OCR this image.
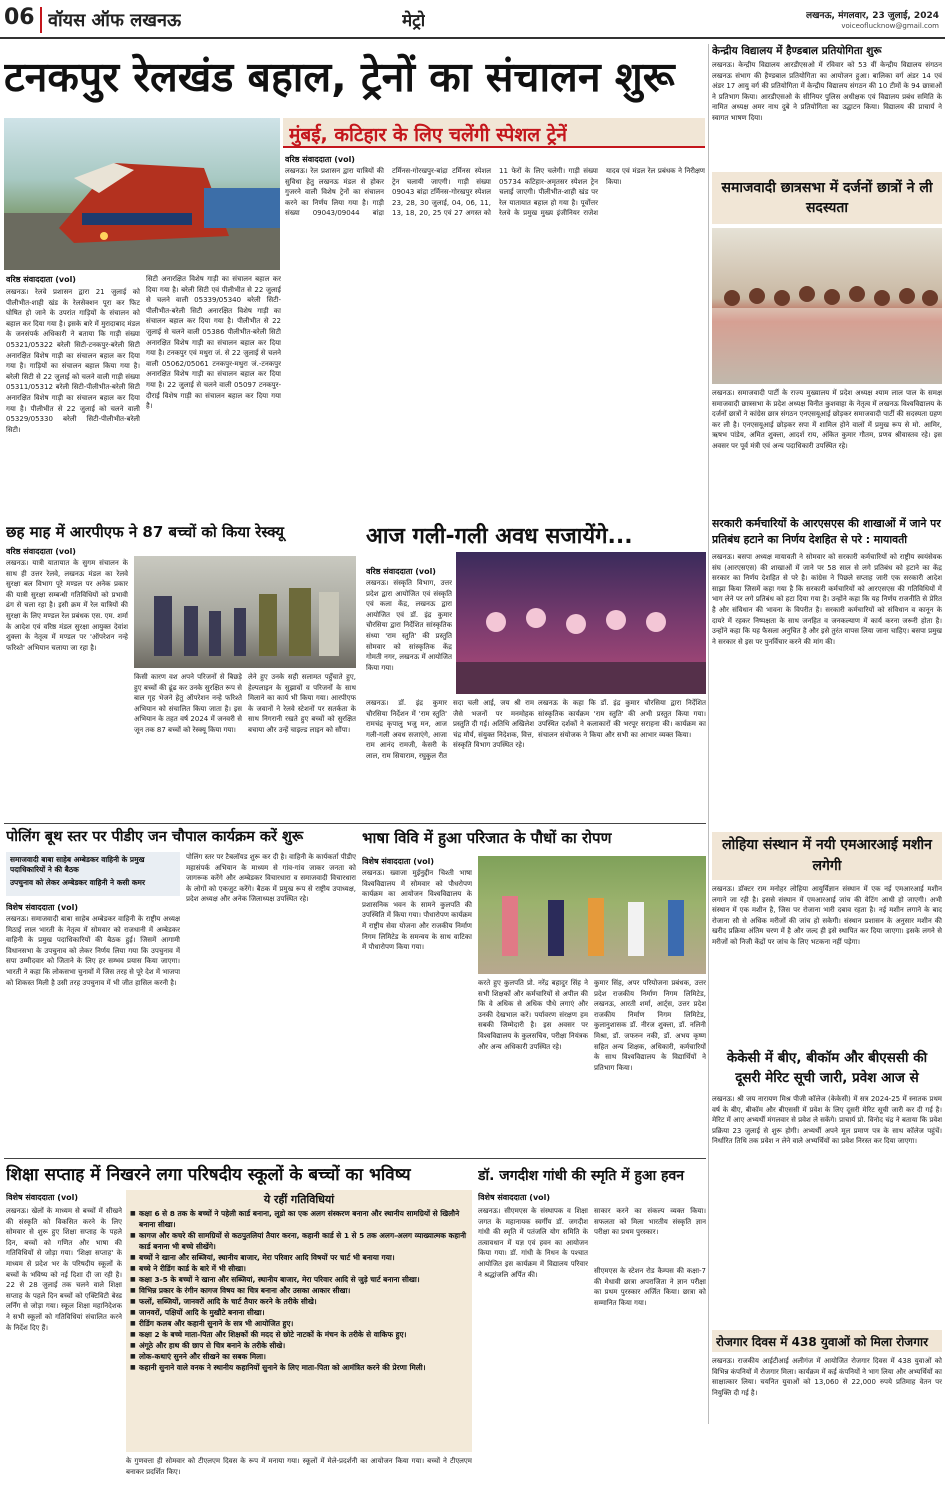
06 वॉयस ऑफ लखनऊ	मेट्रो	लखनऊ, मंगलवार, 23 जुलाई, 2024
voiceoflucknow@gmail.com
टनकपुर रेलखंड बहाल, ट्रेनों का संचालन शुरू
मुंबई, कटिहार के लिए चलेंगी स्पेशल ट्रेनें
वरिष्ठ संवाददाता (vol)
लखनऊ। रेल प्रशासन द्वारा यात्रियों की सुविधा हेतु लखनऊ मंडल से होकर गुजरने वाली विशेष ट्रेनों का संचालन करने का निर्णय लिया गया है। गाड़ी संख्या 09043/09044 बांद्रा टर्मिनस-गोरखपुर-बांद्रा टर्मिनस स्पेशल ट्रेन चलायी जाएगी। गाड़ी संख्या 09043 बांद्रा टर्मिनस-गोरखपुर स्पेशल 23, 28, 30 जुलाई, 04, 06, 11, 13, 18, 20, 25 एवं 27 अगस्त को 11 फेरों के लिए चलेगी। गाड़ी संख्या 05734 कटिहार-अमृतसर स्पेशल ट्रेन चलाई जाएगी। पीलीभीत-शाही खंड पर रेल यातायात बहाल हो गया है। पूर्वोत्तर रेलवे के प्रमुख मुख्य इंजीनियर राजेश यादव एवं मंडल रेल प्रबंधक ने निरीक्षण किया।
वरिष्ठ संवाददाता (vol)
लखनऊ। रेलवे प्रशासन द्वारा 21 जुलाई को पीलीभीत-शाही खंड के रेलसेक्शन पूरा कर फिट घोषित हो जाने के उपरांत गाड़ियों के संचालन को बहाल कर दिया गया है। इसके बारे में मुरादाबाद मंडल के जनसंपर्क अधिकारी ने बताया कि गाड़ी संख्या 05321/05322 बरेली सिटी-टनकपुर-बरेली सिटी अनारक्षित विशेष गाड़ी का संचालन बहाल कर दिया गया है। गाड़ियों का संचालन बहाल किया गया है। बरेली सिटी से 22 जुलाई को चलने वाली गाड़ी संख्या 05311/05312 बरेली सिटी-पीलीभीत-बरेली सिटी अनारक्षित विशेष गाड़ी का संचालन बहाल कर दिया गया है। पीलीभीत से 22 जुलाई को चलने वाली 05329/05330 बरेली सिटी-पीलीभीत-बरेली सिटी।
सिटी अनारक्षित विशेष गाड़ी का संचालन बहाल कर दिया गया है। बरेली सिटी एवं पीलीभीत से 22 जुलाई से चलने वाली 05339/05340 बरेली सिटी-पीलीभीत-बरेली सिटी अनारक्षित विशेष गाड़ी का संचालन बहाल कर दिया गया है। पीलीभीत से 22 जुलाई से चलने वाली 05386 पीलीभीत-बरेली सिटी अनारक्षित विशेष गाड़ी का संचालन बहाल कर दिया गया है। टनकपुर एवं मथुरा जं. से 22 जुलाई से चलने वाली 05062/05061 टनकपुर-मथुरा जं.-टनकपुर अनारक्षित विशेष गाड़ी का संचालन बहाल कर दिया गया है। 22 जुलाई से चलने वाली 05097 टनकपुर-दौराई विशेष गाड़ी का संचालन बहाल कर दिया गया है।
केन्द्रीय विद्यालय में हैण्डबाल प्रतियोगिता शुरू
लखनऊ। केन्द्रीय विद्यालय आरडीएसओ में रविवार को 53 वीं केन्द्रीय विद्यालय संगठन लखनऊ संभाग की हैण्डबाल प्रतियोगिता का आयोजन हुआ। बालिका वर्ग अंडर 14 एवं अंडर 17 आयु वर्ग की प्रतियोगिता में केन्द्रीय विद्यालय संगठन की 10 टीमों के 94 छात्राओं ने प्रतिभाग किया। आरडीएसओ के सीनियर पुलिस अधीक्षक एवं विद्यालय प्रबंध समिति के नामित अध्यक्ष अमर नाथ दुबे ने प्रतियोगिता का उद्घाटन किया। विद्यालय की प्राचार्य ने स्वागत भाषण दिया।
समाजवादी छात्रसभा में दर्जनों छात्रों ने ली सदस्यता
लखनऊ। समाजवादी पार्टी के राज्य मुख्यालय में प्रदेश अध्यक्ष श्याम लाल पाल के समक्ष समाजवादी छात्रसभा के प्रदेश अध्यक्ष विनीत कुशवाहा के नेतृत्व में लखनऊ विश्वविद्यालय के दर्जनों छात्रों ने कांग्रेस छात्र संगठन एनएसयूआई छोड़कर समाजवादी पार्टी की सदस्यता ग्रहण कर ली है। एनएसयूआई छोड़कर सपा में शामिल होने वालों में प्रमुख रूप से मो. आमिर, ऋषभ पांडेय, अमित शुक्ला, आदर्श राय, अंकित कुमार गौतम, प्रणव श्रीवास्तव रहे। इस अवसर पर पूर्व मंत्री एवं अन्य पदाधिकारी उपस्थित रहे।
सरकारी कर्मचारियों के आरएसएस की शाखाओं में जाने पर प्रतिबंध हटाने का निर्णय देशहित से परे : मायावती
लखनऊ। बसपा अध्यक्ष मायावती ने सोमवार को सरकारी कर्मचारियों को राष्ट्रीय स्वयंसेवक संघ (आरएसएस) की शाखाओं में जाने पर 58 साल से लगे प्रतिबंध को हटाने का केंद्र सरकार का निर्णय देशहित से परे है। कांग्रेस ने पिछले सप्ताह जारी एक सरकारी आदेश साझा किया जिसमें कहा गया है कि सरकारी कर्मचारियों को आरएसएस की गतिविधियों में भाग लेने पर लगे प्रतिबंध को हटा दिया गया है। उन्होंने कहा कि यह निर्णय राजनीति से प्रेरित है और संविधान की भावना के विपरीत है। सरकारी कर्मचारियों को संविधान व कानून के दायरे में रहकर निष्पक्षता के साथ जनहित व जनकल्याण में कार्य करना जरूरी होता है। उन्होंने कहा कि यह फैसला अनुचित है और इसे तुरंत वापस लिया जाना चाहिए। बसपा प्रमुख ने सरकार से इस पर पुनर्विचार करने की मांग की।
लोहिया संस्थान में नयी एमआरआई मशीन लगेगी
लखनऊ। डॉक्टर राम मनोहर लोहिया आयुर्विज्ञान संस्थान में एक नई एमआरआई मशीन लगाने जा रही है। इससे संस्थान में एमआरआई जांच की वेटिंग आधी हो जाएगी। अभी संस्थान में एक मशीन है, जिस पर रोजाना भारी दबाव रहता है। नई मशीन लगाने के बाद रोजाना सौ से अधिक मरीजों की जांच हो सकेगी। संस्थान प्रशासन के अनुसार मशीन की खरीद प्रक्रिया अंतिम चरण में है और जल्द ही इसे स्थापित कर दिया जाएगा। इसके लगने से मरीजों को निजी केंद्रों पर जांच के लिए भटकना नहीं पड़ेगा।
केकेसी में बीए, बीकॉम और बीएससी की दूसरी मेरिट सूची जारी, प्रवेश आज से
लखनऊ। श्री जय नारायण मिश्र पीजी कॉलेज (केकेसी) में सत्र 2024-25 में स्नातक प्रथम वर्ष के बीए, बीकॉम और बीएससी में प्रवेश के लिए दूसरी मेरिट सूची जारी कर दी गई है। मेरिट में आए अभ्यर्थी मंगलवार से प्रवेश ले सकेंगे। प्राचार्य प्रो. विनोद चंद्र ने बताया कि प्रवेश प्रक्रिया 23 जुलाई से शुरू होगी। अभ्यर्थी अपने मूल प्रमाण पत्र के साथ कॉलेज पहुंचें। निर्धारित तिथि तक प्रवेश न लेने वाले अभ्यर्थियों का प्रवेश निरस्त कर दिया जाएगा।
रोजगार दिवस में 438 युवाओं को मिला रोजगार
लखनऊ। राजकीय आईटीआई अलीगंज में आयोजित रोजगार दिवस में 438 युवाओं को विभिन्न कंपनियों में रोजगार मिला। कार्यक्रम में कई कंपनियों ने भाग लिया और अभ्यर्थियों का साक्षात्कार लिया। चयनित युवाओं को 13,060 से 22,000 रुपये प्रतिमाह वेतन पर नियुक्ति दी गई है।
छह माह में आरपीएफ ने 87 बच्चों को किया रेस्क्यू
वरिष्ठ संवाददाता (vol)
लखनऊ। यात्री यातायात के सुगम संचालन के साथ ही उत्तर रेलवे, लखनऊ मंडल का रेलवे सुरक्षा बल विभाग पूरे मण्डल पर अनेक प्रकार की यात्री सुरक्षा सम्बन्धी गतिविधियों को प्रभावी ढंग से चला रहा है। इसी क्रम में रेल यात्रियों की सुरक्षा के लिए मण्डल रेल प्रबंधक एस. एम. शर्मा के आदेश एवं वरिष्ठ मंडल सुरक्षा आयुक्त देवांश शुक्ला के नेतृत्व में मण्डल पर 'ऑपरेशन नन्हे फरिश्ते' अभियान चलाया जा रहा है।
किसी कारण वश अपने परिजनों से बिछड़े हुए बच्चों की ढूंढ कर उनके सुरक्षित रूप से बाल गृह भेजने हेतु ऑपरेशन नन्हे फरिश्ते अभियान को संचालित किया जाता है। इस अभियान के तहत वर्ष 2024 में जनवरी से जून तक 87 बच्चों को रेस्क्यू किया गया।
लेने हुए उनके सही सलामत पहुँचाते हुए, हेल्पलाइन के सुझावों व परिजनों के साथ मिलाने का कार्य भी किया गया। आरपीएफ के जवानों ने रेलवे स्टेशनों पर सतर्कता के साथ निगरानी रखते हुए बच्चों को सुरक्षित बचाया और उन्हें चाइल्ड लाइन को सौंपा।
आज गली-गली अवध सजायेंगे...
वरिष्ठ संवाददाता (vol)
लखनऊ। संस्कृति विभाग, उत्तर प्रदेश द्वारा आयोजित एवं संस्कृति एवं कला केंद्र, लखनऊ द्वारा आयोजित एवं डॉ. इंद्र कुमार चौरसिया द्वारा निर्देशित सांस्कृतिक संध्या 'राम स्तुति' की प्रस्तुति सोमवार को सांस्कृतिक केंद्र गोमती नगर, लखनऊ में आयोजित किया गया।
लखनऊ। डॉ. इंद्र कुमार चौरसिया निर्देशन में 'राम स्तुति' रामचंद्र कृपालु भजु मन, आज गली-गली अवध सजाएंगे, आजा राम आनंद रामजी, केसरी के लाल, राम सियाराम, रघुकुल रीत सदा चली आई, जय श्री राम जैसे भजनों पर मनमोहक प्रस्तुति दी गई। अतिथि अखिलेश चंद्र मौर्य, संयुक्त निदेशक, वित्त, संस्कृति विभाग उपस्थित रहे।
लखनऊ के कहा कि डॉ. इंद्र कुमार चौरसिया द्वारा निर्देशित सांस्कृतिक कार्यक्रम 'राम स्तुति' की अभी प्रस्तुत किया गया। उपस्थित दर्शकों ने कलाकारों की भरपूर सराहना की। कार्यक्रम का संचालन संयोजक ने किया और सभी का आभार व्यक्त किया।
पोलिंग बूथ स्तर पर पीडीए जन चौपाल कार्यक्रम करें शुरू
समाजवादी बाबा साहेब अम्बेडकर वाहिनी के प्रमुख पदाधिकारियों ने की बैठक
उपचुनाव को लेकर अम्बेडकर वाहिनी ने कसी कमर
विशेष संवाददाता (vol)
लखनऊ। समाजवादी बाबा साहेब अम्बेडकर वाहिनी के राष्ट्रीय अध्यक्ष मिठाई लाल भारती के नेतृत्व में सोमवार को राजधानी में अम्बेडकर वाहिनी के प्रमुख पदाधिकारियों की बैठक हुई। जिसमें आगामी विधानसभा के उपचुनाव को लेकर निर्णय लिया गया कि उपचुनाव में सपा उम्मीदवार को जिताने के लिए हर सम्भव प्रयास किया जाएगा। भारती ने कहा कि लोकसभा चुनावों में जिस तरह से पूरे देश में भाजपा को शिकस्त मिली है उसी तरह उपचुनाव में भी जीत हासिल करनी है।
पोलिंग स्तर पर टैबलॉयड शुरू कर दी है। वाहिनी के कार्यकर्ता पीडीए महासंपर्क अभियान के माध्यम से गांव-गांव जाकर जनता को जागरूक करेंगे और अम्बेडकर विचारधारा व समाजवादी विचारधारा के लोगों को एकजुट करेंगे। बैठक में प्रमुख रूप से राष्ट्रीय उपाध्यक्ष, प्रदेश अध्यक्ष और अनेक जिलाध्यक्ष उपस्थित रहे।
भाषा विवि में हुआ परिजात के पौधों का रोपण
विशेष संवाददाता (vol)
लखनऊ। ख्वाजा मुईनुद्दीन चिश्ती भाषा विश्वविद्यालय में सोमवार को पौधरोपण कार्यक्रम का आयोजन विश्वविद्यालय के प्रशासनिक भवन के सामने कुलपति की उपस्थिति में किया गया। पौधारोपण कार्यक्रम में राष्ट्रीय सेवा योजना और राजकीय निर्माण निगम लिमिटेड के समन्वय के साथ वाटिका में पौधारोपण किया गया।
करते हुए कुलपति प्रो. नरेंद्र बहादुर सिंह ने सभी शिक्षकों और कर्मचारियों से अपील की कि वे अधिक से अधिक पौधे लगाएं और उनकी देखभाल करें। पर्यावरण संरक्षण हम सबकी जिम्मेदारी है। इस अवसर पर विश्वविद्यालय के कुलसचिव, परीक्षा नियंत्रक और अन्य अधिकारी उपस्थित रहे।
कुमार सिंह, अपर परियोजना प्रबंधक, उत्तर प्रदेश राजकीय निर्माण निगम लिमिटेड, लखनऊ, आरती शर्मा, आर्ट्स, उत्तर प्रदेश राजकीय निर्माण निगम लिमिटेड, कुलानुशासक डॉ. नीरज शुक्ला, डॉ. नलिनी मिश्रा, डॉ. जफरुन नकी, डॉ. अभय कृष्ण सहित अन्य शिक्षक, अधिकारी, कर्मचारियों के साथ विश्वविद्यालय के विद्यार्थियों ने प्रतिभाग किया।
शिक्षा सप्ताह में निखरने लगा परिषदीय स्कूलों के बच्चों का भविष्य
विशेष संवाददाता (vol)
लखनऊ। खेलों के माध्यम से बच्चों में सीखने की संस्कृति को विकसित करने के लिए सोमवार से शुरू हुए शिक्षा सप्ताह के पहले दिन, बच्चों को गणित और भाषा की गतिविधियों से जोड़ा गया। 'शिक्षा सप्ताह' के माध्यम से प्रदेश भर के परिषदीय स्कूलों के बच्चों के भविष्य को नई दिशा दी जा रही है। 22 से 28 जुलाई तक चलने वाले शिक्षा सप्ताह के पहले दिन बच्चों को एक्टिविटी बेस्ड लर्निंग से जोड़ा गया। स्कूल शिक्षा महानिदेशक ने सभी स्कूलों को गतिविधियां संचालित करने के निर्देश दिए हैं।
ये रहीं गतिविधियां
■ कक्षा 6 से 8 तक के बच्चों ने पहेली कार्ड बनाना, लूडो का एक अलग संस्करण बनाना और स्थानीय सामग्रियों से खिलौने बनाना सीखा।
■ कागज और कचरे की सामग्रियों से कठपुतलियां तैयार करना, कहानी कार्ड से 1 से 5 तक अलग-अलग व्याख्यात्मक कहानी कार्ड बनाना भी बच्चे सीखेंगे।
■ बच्चों ने खाना और सब्जियां, स्थानीय बाजार, मेरा परिवार आदि विषयों पर चार्ट भी बनाया गया।
■ बच्चे ने रीडिंग कार्ड के बारे में भी सीखा।
■ कक्षा 3-5 के बच्चों ने खाना और सब्जियां, स्थानीय बाजार, मेरा परिवार आदि से जुड़े चार्ट बनाना सीखा।
■ विभिन्न प्रकार के रंगीन कागज विषय का चित्र बनाना और उसका आकार सीखा।
■ फलों, सब्जियों, जानवरों आदि के चार्ट तैयार करने के तरीके सीखे।
■ जानवरों, पक्षियों आदि के मुखौटे बनाना सीखा।
■ रीडिंग कलब और कहानी सुनाने के सत्र भी आयोजित हुए।
■ कक्षा 2 के बच्चे माता-पिता और शिक्षकों की मदद से छोटे नाटकों के मंचन के तरीके से वाकिफ हुए।
■ अंगूठे और हाथ की छाप से चित्र बनाने के तरीके सीखे।
■ लोक-कथाएं सुनने और सीखने का सबक मिला।
■ कहानी सुनाने वाले वनक ने स्थानीय कहानियों सुनाने के लिए माता-पिता को आमंत्रित करने की प्रेरणा मिली।
के गुणवत्ता ही सोमवार को टीएलएम दिवस के रूप में मनाया गया। स्कूलों में मेले-प्रदर्शनी का आयोजन किया गया। बच्चों ने टीएलएम बनाकर प्रदर्शित किए।
डॉ. जगदीश गांधी की स्मृति में हुआ हवन
विशेष संवाददाता (vol)
लखनऊ। सीएमएस के संस्थापक व शिक्षा जगत के महानायक स्वर्गीय डॉ. जगदीश गांधी की स्मृति में पतंजलि योग समिति के तत्वावधान में यज्ञ एवं हवन का आयोजन किया गया। डॉ. गांधी के निधन के पश्चात आयोजित इस कार्यक्रम में विद्यालय परिवार ने श्रद्धांजलि अर्पित की।
साकार करने का संकल्प व्यक्त किया। सफलता को मिला भारतीय संस्कृति ज्ञान परीक्षा का प्रथम पुरस्कार।
सीएमएस के स्टेशन रोड कैम्पस की कक्षा-7 की मेधावी छात्रा अपराजिता ने ज्ञान परीक्षा का प्रथम पुरस्कार अर्जित किया। छात्रा को सम्मानित किया गया।
